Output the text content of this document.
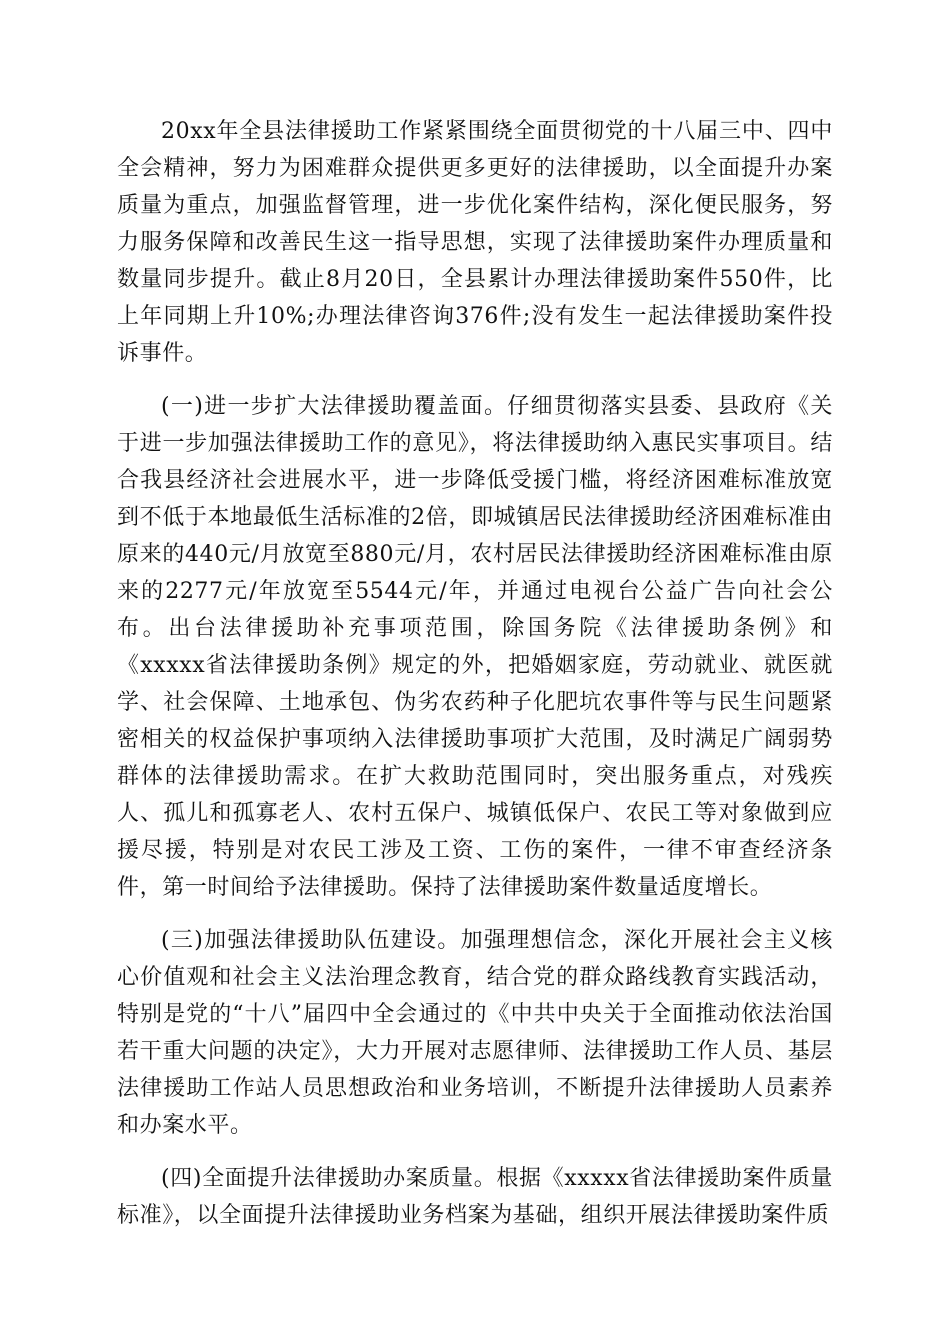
20xx年全县法律援助工作紧紧围绕全面贯彻党的十八届三中、四中全会精神，努力为困难群众提供更多更好的法律援助，以全面提升办案质量为重点，加强监督管理，进一步优化案件结构，深化便民服务，努力服务保障和改善民生这一指导思想，实现了法律援助案件办理质量和数量同步提升。截止8月20日，全县累计办理法律援助案件550件，比上年同期上升10%;办理法律咨询376件;没有发生一起法律援助案件投诉事件。

(一)进一步扩大法律援助覆盖面。仔细贯彻落实县委、县政府《关于进一步加强法律援助工作的意见》，将法律援助纳入惠民实事项目。结合我县经济社会进展水平，进一步降低受援门槛，将经济困难标准放宽到不低于本地最低生活标准的2倍，即城镇居民法律援助经济困难标准由原来的440元/月放宽至880元/月，农村居民法律援助经济困难标准由原来的2277元/年放宽至5544元/年，并通过电视台公益广告向社会公布。出台法律援助补充事项范围，除国务院《法律援助条例》和《xxxxx省法律援助条例》规定的外，把婚姻家庭，劳动就业、就医就学、社会保障、土地承包、伪劣农药种子化肥坑农事件等与民生问题紧密相关的权益保护事项纳入法律援助事项扩大范围，及时满足广阔弱势群体的法律援助需求。在扩大救助范围同时，突出服务重点，对残疾人、孤儿和孤寡老人、农村五保户、城镇低保户、农民工等对象做到应援尽援，特别是对农民工涉及工资、工伤的案件，一律不审查经济条件，第一时间给予法律援助。保持了法律援助案件数量适度增长。

(三)加强法律援助队伍建设。加强理想信念，深化开展社会主义核心价值观和社会主义法治理念教育，结合党的群众路线教育实践活动，特别是党的“十八”届四中全会通过的《中共中央关于全面推动依法治国若干重大问题的决定》，大力开展对志愿律师、法律援助工作人员、基层法律援助工作站人员思想政治和业务培训，不断提升法律援助人员素养和办案水平。

(四)全面提升法律援助办案质量。根据《xxxxx省法律援助案件质量标准》，以全面提升法律援助业务档案为基础，组织开展法律援助案件质
